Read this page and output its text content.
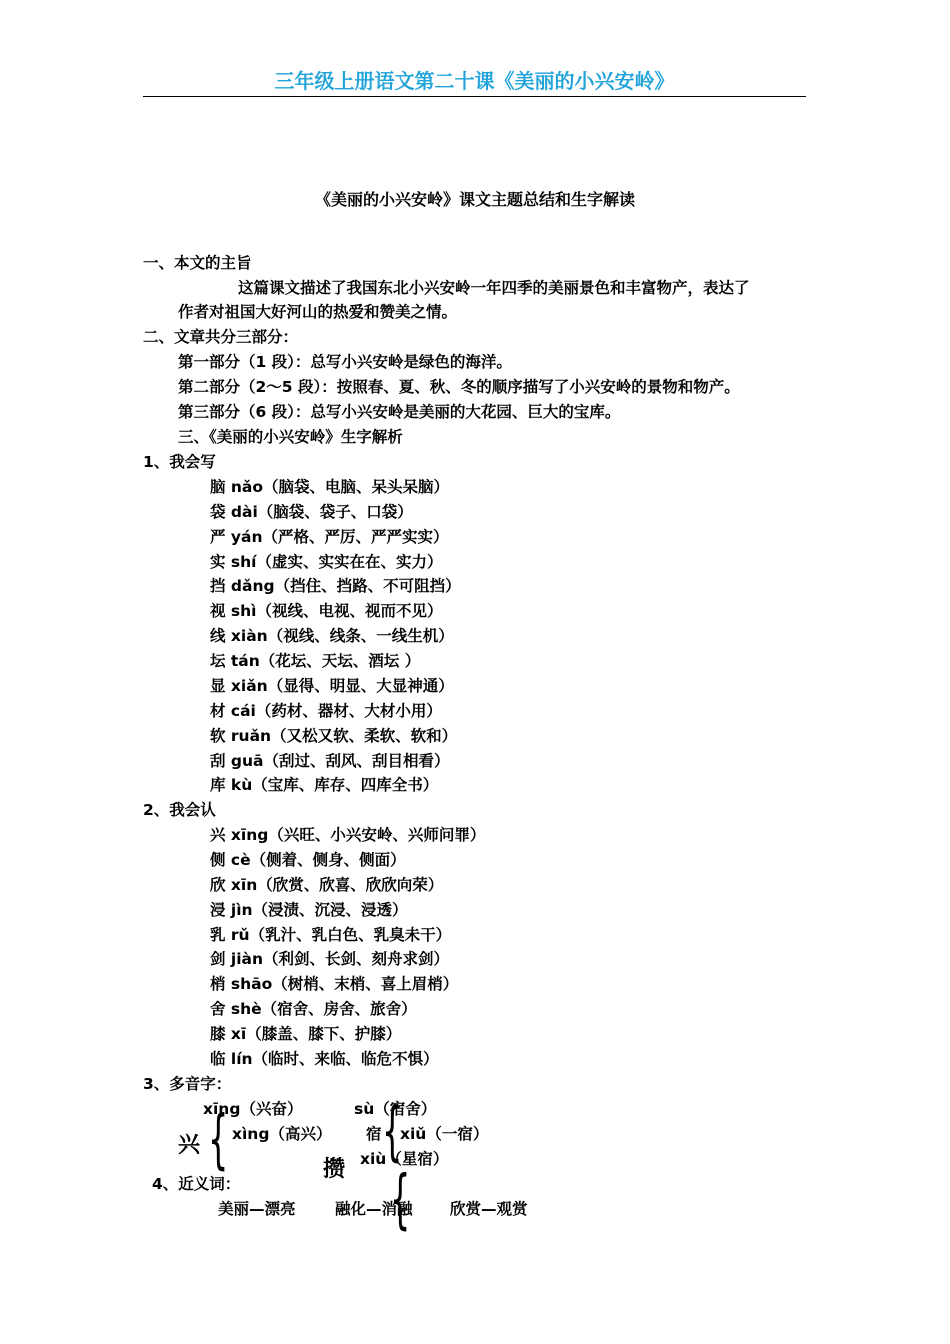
三年级上册语文第二十课《美丽的小兴安岭》
《美丽的小兴安岭》课文主题总结和生字解读
一、本文的主旨
这篇课文描述了我国东北小兴安岭一年四季的美丽景色和丰富物产，表达了
作者对祖国大好河山的热爱和赞美之情。
二、文章共分三部分：
第一部分（1 段）：总写小兴安岭是绿色的海洋。
第二部分（2～5 段）：按照春、夏、秋、冬的顺序描写了小兴安岭的景物和物产。
第三部分（6 段）：总写小兴安岭是美丽的大花园、巨大的宝库。
三、《美丽的小兴安岭》生字解析
1、我会写
脑 nǎo（脑袋、电脑、呆头呆脑）
袋 dài（脑袋、袋子、口袋）
严 yán（严格、严厉、严严实实）
实 shí（虚实、实实在在、实力）
挡 dǎng（挡住、挡路、不可阻挡）
视 shì（视线、电视、视而不见）
线 xiàn（视线、线条、一线生机）
坛 tán（花坛、天坛、酒坛 ）
显 xiǎn（显得、明显、大显神通）
材 cái（药材、器材、大材小用）
软 ruǎn（又松又软、柔软、软和）
刮 guā（刮过、刮风、刮目相看）
库 kù（宝库、库存、四库全书）
2、我会认
兴 xīng（兴旺、小兴安岭、兴师问罪）
侧 cè（侧着、侧身、侧面）
欣 xīn（欣赏、欣喜、欣欣向荣）
浸 jìn（浸渍、沉浸、浸透）
乳 rǔ（乳汁、乳白色、乳臭未干）
剑 jiàn（利剑、长剑、刻舟求剑）
梢 shāo（树梢、末梢、喜上眉梢）
舍 shè（宿舍、房舍、旅舍）
膝 xī（膝盖、膝下、护膝）
临 lín（临时、来临、临危不惧）
3、多音字：
xīng（兴奋）
xìng（高兴）
兴 {	sù（宿舍）
宿 xiǔ（一宿）
xiù（星宿）
{
攒 {
4、近义词：
美丽—漂亮	融化—消融 欣赏—观赏
